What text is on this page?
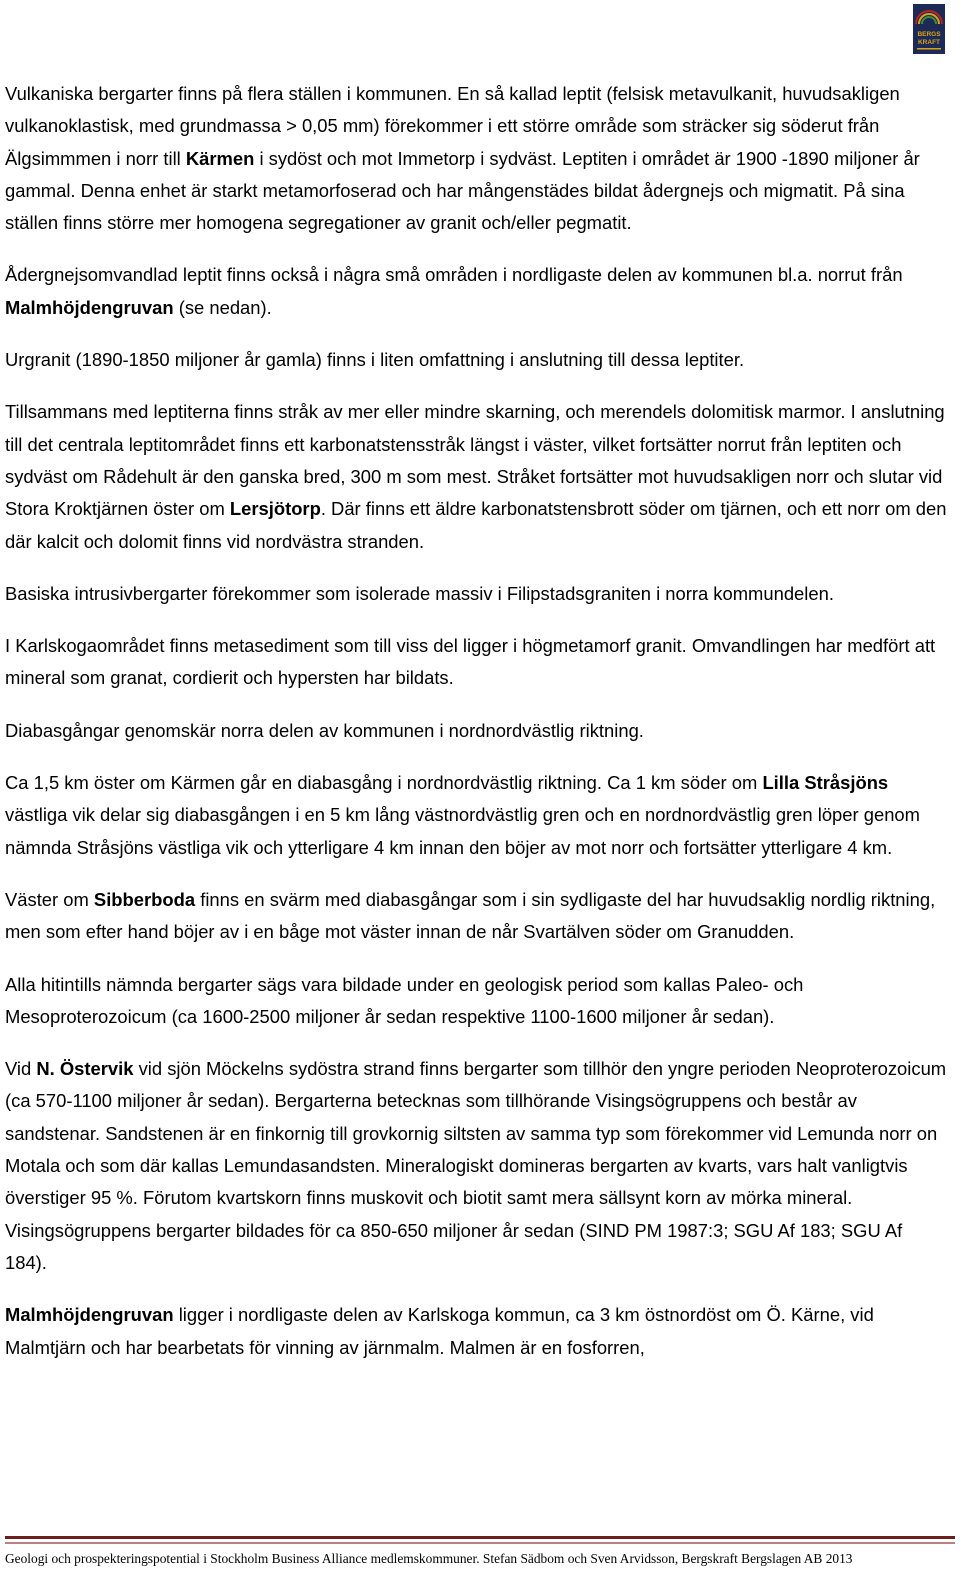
BERGS
KRAFT

Vulkaniska bergarter finns på flera ställen i kommunen. En så kallad leptit (felsisk metavulkanit, huvudsakligen vulkanoklastisk, med grundmassa > 0,05 mm) förekommer i ett större område som sträcker sig söderut från Älgsimmmen i norr till Kärmen i sydöst och mot Immetorp i sydväst. Leptiten i området är 1900 -1890 miljoner år gammal. Denna enhet är starkt metamorfoserad och har mångenstädes bildat ådergnejs och migmatit. På sina ställen finns större mer homogena segregationer av granit och/eller pegmatit.

Ådergnejsomvandlad leptit finns också i några små områden i nordligaste delen av kommunen bl.a. norrut från Malmhöjdengruvan (se nedan).

Urgranit (1890-1850 miljoner år gamla) finns i liten omfattning i anslutning till dessa leptiter.

Tillsammans med leptiterna finns stråk av mer eller mindre skarning, och merendels dolomitisk marmor. I anslutning till det centrala leptitområdet finns ett karbonatstensstråk längst i väster, vilket fortsätter norrut från leptiten och sydväst om Rådehult är den ganska bred, 300 m som mest. Stråket fortsätter mot huvudsakligen norr och slutar vid Stora Kroktjärnen öster om Lersjötorp. Där finns ett äldre karbonatstensbrott söder om tjärnen, och ett norr om den där kalcit och dolomit finns vid nordvästra stranden.

Basiska intrusivbergarter förekommer som isolerade massiv i Filipstadsgraniten i norra kommundelen.

I Karlskogaområdet finns metasediment som till viss del ligger i högmetamorf granit. Omvandlingen har medfört att mineral som granat, cordierit och hypersten har bildats.

Diabasgångar genomskär norra delen av kommunen i nordnordvästlig riktning.

Ca 1,5 km öster om Kärmen går en diabasgång i nordnordvästlig riktning. Ca 1 km söder om Lilla Stråsjöns västliga vik delar sig diabasgången i en 5 km lång västnordvästlig gren och en nordnordvästlig gren löper genom nämnda Stråsjöns västliga vik och ytterligare 4 km innan den böjer av mot norr och fortsätter ytterligare 4 km.

Väster om Sibberboda finns en svärm med diabasgångar som i sin sydligaste del har huvudsaklig nordlig riktning, men som efter hand böjer av i en båge mot väster innan de når Svartälven söder om Granudden.

Alla hitintills nämnda bergarter sägs vara bildade under en geologisk period som kallas Paleo- och Mesoproterozoicum (ca 1600-2500 miljoner år sedan respektive 1100-1600 miljoner år sedan).

Vid N. Östervik vid sjön Möckelns sydöstra strand finns bergarter som tillhör den yngre perioden Neoproterozoicum (ca 570-1100 miljoner år sedan). Bergarterna betecknas som tillhörande Visingsögruppens och består av sandstenar. Sandstenen är en finkornig till grovkornig siltsten av samma typ som förekommer vid Lemunda norr on Motala och som där kallas Lemundasandsten. Mineralogiskt domineras bergarten av kvarts, vars halt vanligtvis överstiger 95 %. Förutom kvartskorn finns muskovit och biotit samt mera sällsynt korn av mörka mineral. Visingsögruppens bergarter bildades för ca 850-650 miljoner år sedan (SIND PM 1987:3; SGU Af 183; SGU Af 184).

Malmhöjdengruvan ligger i nordligaste delen av Karlskoga kommun, ca 3 km östnordöst om Ö. Kärne, vid Malmtjärn och har bearbetats för vinning av järnmalm. Malmen är en fosforren,

Geologi och prospekteringspotential i Stockholm Business Alliance medlemskommuner. Stefan Sädbom och Sven Arvidsson, Bergskraft Bergslagen AB 2013
